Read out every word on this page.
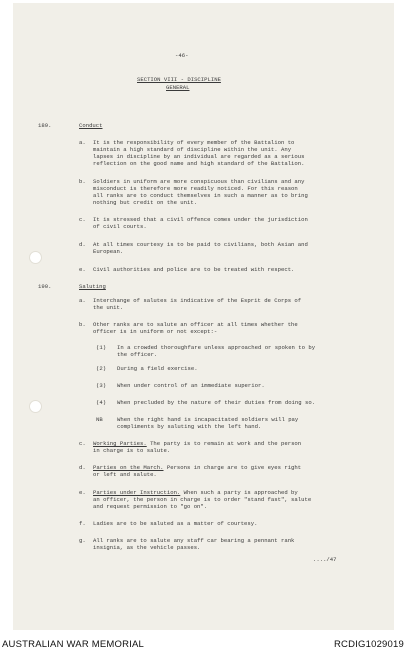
-46-
SECTION VIII - DISCIPLINE
GENERAL
189.	Conduct
a. It is the responsibility of every member of the Battalion to
maintain a high standard of discipline within the unit. Any
lapses in discipline by an individual are regarded as a serious
reflection on the good name and high standard of the Battalion.
b. Soldiers in uniform are more conspicuous than civilians and any
misconduct is therefore more readily noticed. For this reason
all ranks are to conduct themselves in such a manner as to bring
nothing but credit on the unit.
c. It is stressed that a civil offence comes under the jurisdiction
of civil courts.
d. At all times courtesy is to be paid to civilians, both Asian and
European.
e. Civil authorities and police are to be treated with respect.
190.	Saluting
a. Interchange of salutes is indicative of the Esprit de Corps of
the unit.
b. Other ranks are to salute an officer at all times whether the
officer is in uniform or not except:-
(1) In a crowded thoroughfare unless approached or spoken to by
the officer.
(2) During a field exercise.
(3) When under control of an immediate superior.
(4) When precluded by the nature of their duties from doing so.
NB	When the right hand is incapacitated soldiers will pay
compliments by saluting with the left hand.
c. Working Parties. The party is to remain at work and the person
in charge is to salute.
d. Parties on the March. Persons in charge are to give eyes right
or left and salute.
e. Parties under Instruction. When such a party is approached by
an officer, the person in charge is to order "stand fast", salute
and request permission to "go on".
f. Ladies are to be saluted as a matter of courtesy.
g. All ranks are to salute any staff car bearing a pennant rank
insignia, as the vehicle passes.
..../47
AUSTRALIAN WAR MEMORIAL	RCDIG1029019
